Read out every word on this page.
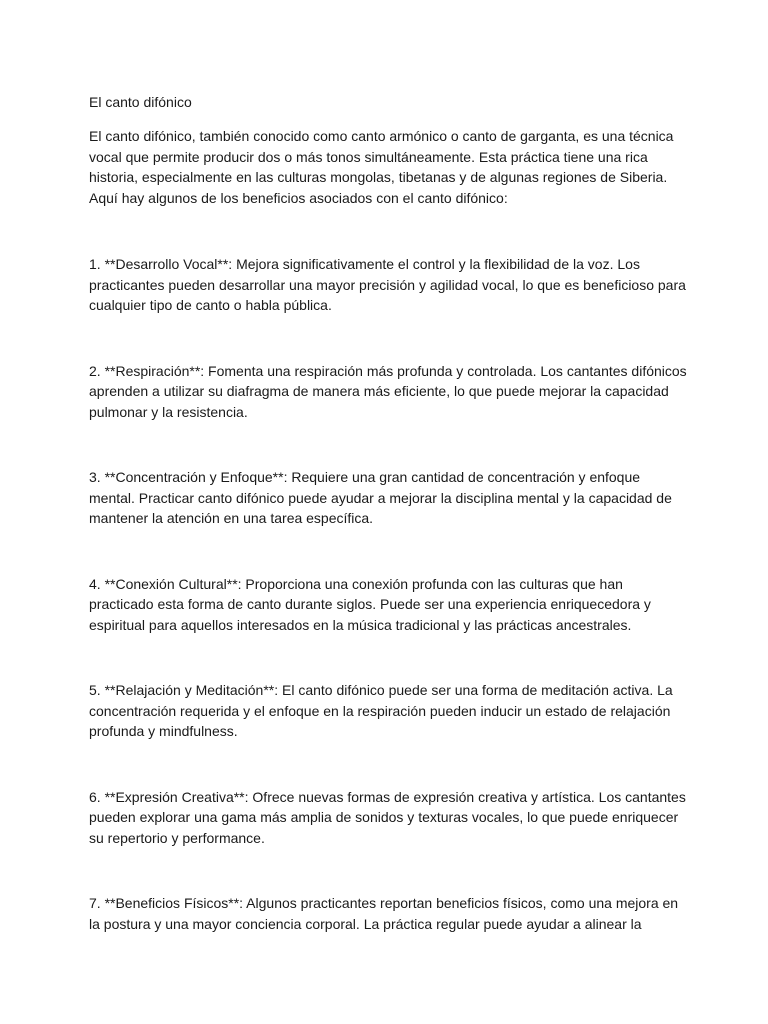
El canto difónico

El canto difónico, también conocido como canto armónico o canto de garganta, es una técnica vocal que permite producir dos o más tonos simultáneamente. Esta práctica tiene una rica historia, especialmente en las culturas mongolas, tibetanas y de algunas regiones de Siberia. Aquí hay algunos de los beneficios asociados con el canto difónico:

1. **Desarrollo Vocal**: Mejora significativamente el control y la flexibilidad de la voz. Los practicantes pueden desarrollar una mayor precisión y agilidad vocal, lo que es beneficioso para cualquier tipo de canto o habla pública.

2. **Respiración**: Fomenta una respiración más profunda y controlada. Los cantantes difónicos aprenden a utilizar su diafragma de manera más eficiente, lo que puede mejorar la capacidad pulmonar y la resistencia.

3. **Concentración y Enfoque**: Requiere una gran cantidad de concentración y enfoque mental. Practicar canto difónico puede ayudar a mejorar la disciplina mental y la capacidad de mantener la atención en una tarea específica.

4. **Conexión Cultural**: Proporciona una conexión profunda con las culturas que han practicado esta forma de canto durante siglos. Puede ser una experiencia enriquecedora y espiritual para aquellos interesados en la música tradicional y las prácticas ancestrales.

5. **Relajación y Meditación**: El canto difónico puede ser una forma de meditación activa. La concentración requerida y el enfoque en la respiración pueden inducir un estado de relajación profunda y mindfulness.

6. **Expresión Creativa**: Ofrece nuevas formas de expresión creativa y artística. Los cantantes pueden explorar una gama más amplia de sonidos y texturas vocales, lo que puede enriquecer su repertorio y performance.

7. **Beneficios Físicos**: Algunos practicantes reportan beneficios físicos, como una mejora en la postura y una mayor conciencia corporal. La práctica regular puede ayudar a alinear la
